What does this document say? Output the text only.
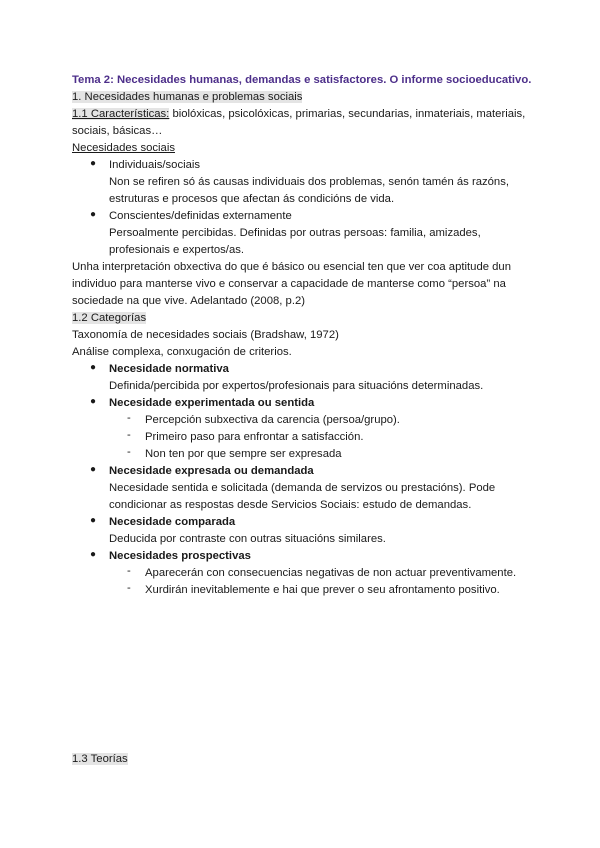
Tema 2: Necesidades humanas, demandas e satisfactores. O informe socioeducativo.
1. Necesidades humanas e problemas sociais
1.1 Características: biolóxicas, psicolóxicas, primarias, secundarias, inmateriais, materiais,
sociais, básicas…
Necesidades sociais
● Individuais/sociais
Non se refiren só ás causas individuais dos problemas, senón tamén ás razóns,
estruturas e procesos que afectan ás condicións de vida.
● Conscientes/definidas externamente
Persoalmente percibidas. Definidas por outras persoas: familia, amizades,
profesionais e expertos/as.
Unha interpretación obxectiva do que é básico ou esencial ten que ver coa aptitude dun
individuo para manterse vivo e conservar a capacidade de manterse como “persoa” na
sociedade na que vive. Adelantado (2008, p.2)
1.2 Categorías
Taxonomía de necesidades sociais (Bradshaw, 1972)
Análise complexa, conxugación de criterios.
● Necesidade normativa
Definida/percibida por expertos/profesionais para situacións determinadas.
● Necesidade experimentada ou sentida
- Percepción subxectiva da carencia (persoa/grupo).
- Primeiro paso para enfrontar a satisfacción.
- Non ten por que sempre ser expresada
● Necesidade expresada ou demandada
Necesidade sentida e solicitada (demanda de servizos ou prestacións). Pode
condicionar as respostas desde Servicios Sociais: estudo de demandas.
● Necesidade comparada
Deducida por contraste con outras situacións similares.
● Necesidades prospectivas
- Aparecerán con consecuencias negativas de non actuar preventivamente.
- Xurdirán inevitablemente e hai que prever o seu afrontamento positivo.
1.3 Teorías
